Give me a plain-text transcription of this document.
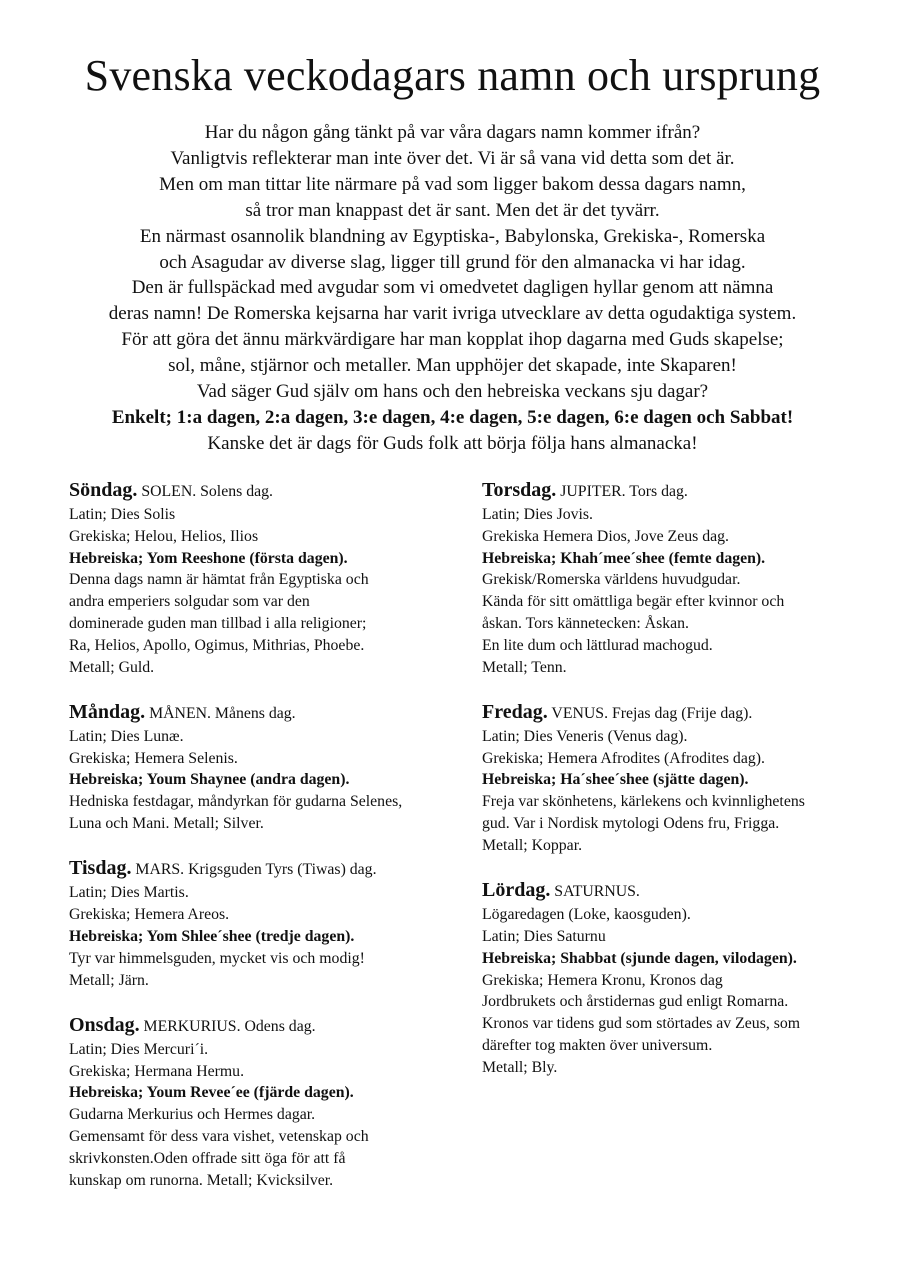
Svenska veckodagars namn och ursprung
Har du någon gång tänkt på var våra dagars namn kommer ifrån?
Vanligtvis reflekterar man inte över det. Vi är så vana vid detta som det är.
Men om man tittar lite närmare på vad som ligger bakom dessa dagars namn,
så tror man knappast det är sant. Men det är det tyvärr.
En närmast osannolik blandning av Egyptiska-, Babylonska, Grekiska-, Romerska
och Asagudar av diverse slag, ligger till grund för den almanacka vi har idag.
Den är fullspäckad med avgudar som vi omedvetet dagligen hyllar genom att nämna
deras namn! De Romerska kejsarna har varit ivriga utvecklare av detta ogudaktiga system.
För att göra det ännu märkvärdigare har man kopplat ihop dagarna med Guds skapelse;
sol, måne, stjärnor och metaller. Man upphöjer det skapade, inte Skaparen!
Vad säger Gud själv om hans och den hebreiska veckans sju dagar?
Enkelt; 1:a dagen, 2:a dagen, 3:e dagen, 4:e dagen, 5:e dagen, 6:e dagen och Sabbat!
Kanske det är dags för Guds folk att börja följa hans almanacka!
Söndag. SOLEN. Solens dag.
Latin; Dies Solis
Grekiska; Helou, Helios, Ilios
Hebreiska; Yom Reeshone (första dagen).
Denna dags namn är hämtat från Egyptiska och
andra emperiers solgudar som var den
dominerade guden man tillbad i alla religioner;
Ra, Helios, Apollo, Ogimus, Mithrias, Phoebe.
Metall; Guld.
Måndag. MÅNEN. Månens dag.
Latin; Dies Lunæ.
Grekiska; Hemera Selenis.
Hebreiska; Youm Shaynee (andra dagen).
Hedniska festdagar, måndyrkan för gudarna Selenes,
Luna och Mani. Metall; Silver.
Tisdag. MARS. Krigsguden Tyrs (Tiwas) dag.
Latin; Dies Martis.
Grekiska; Hemera Areos.
Hebreiska; Yom Shlee´shee (tredje dagen).
Tyr var himmelsguden, mycket vis och modig!
Metall; Järn.
Onsdag. MERKURIUS. Odens dag.
Latin; Dies Mercuri´i.
Grekiska; Hermana Hermu.
Hebreiska; Youm Revee´ee (fjärde dagen).
Gudarna Merkurius och Hermes dagar.
Gemensamt för dess vara vishet, vetenskap och
skrivkonsten.Oden offrade sitt öga för att få
kunskap om runorna. Metall; Kvicksilver.
Torsdag. JUPITER. Tors dag.
Latin; Dies Jovis.
Grekiska Hemera Dios, Jove Zeus dag.
Hebreiska; Khah´mee´shee (femte dagen).
Grekisk/Romerska världens huvudgudar.
Kända för sitt omättliga begär efter kvinnor och
åskan. Tors kännetecken: Åskan.
En lite dum och lättlurad machogud.
Metall; Tenn.
Fredag. VENUS. Frejas dag (Frije dag).
Latin; Dies Veneris (Venus dag).
Grekiska; Hemera Afrodites (Afrodites dag).
Hebreiska; Ha´shee´shee (sjätte dagen).
Freja var skönhetens, kärlekens och kvinnlighetens
gud. Var i Nordisk mytologi Odens fru, Frigga.
Metall; Koppar.
Lördag. SATURNUS.
Lögaredagen (Loke, kaosguden).
Latin; Dies Saturnu
Hebreiska; Shabbat (sjunde dagen, vilodagen).
Grekiska; Hemera Kronu, Kronos dag
Jordbrukets och årstidernas gud enligt Romarna.
Kronos var tidens gud som störtades av Zeus, som
därefter tog makten över universum.
Metall; Bly.
